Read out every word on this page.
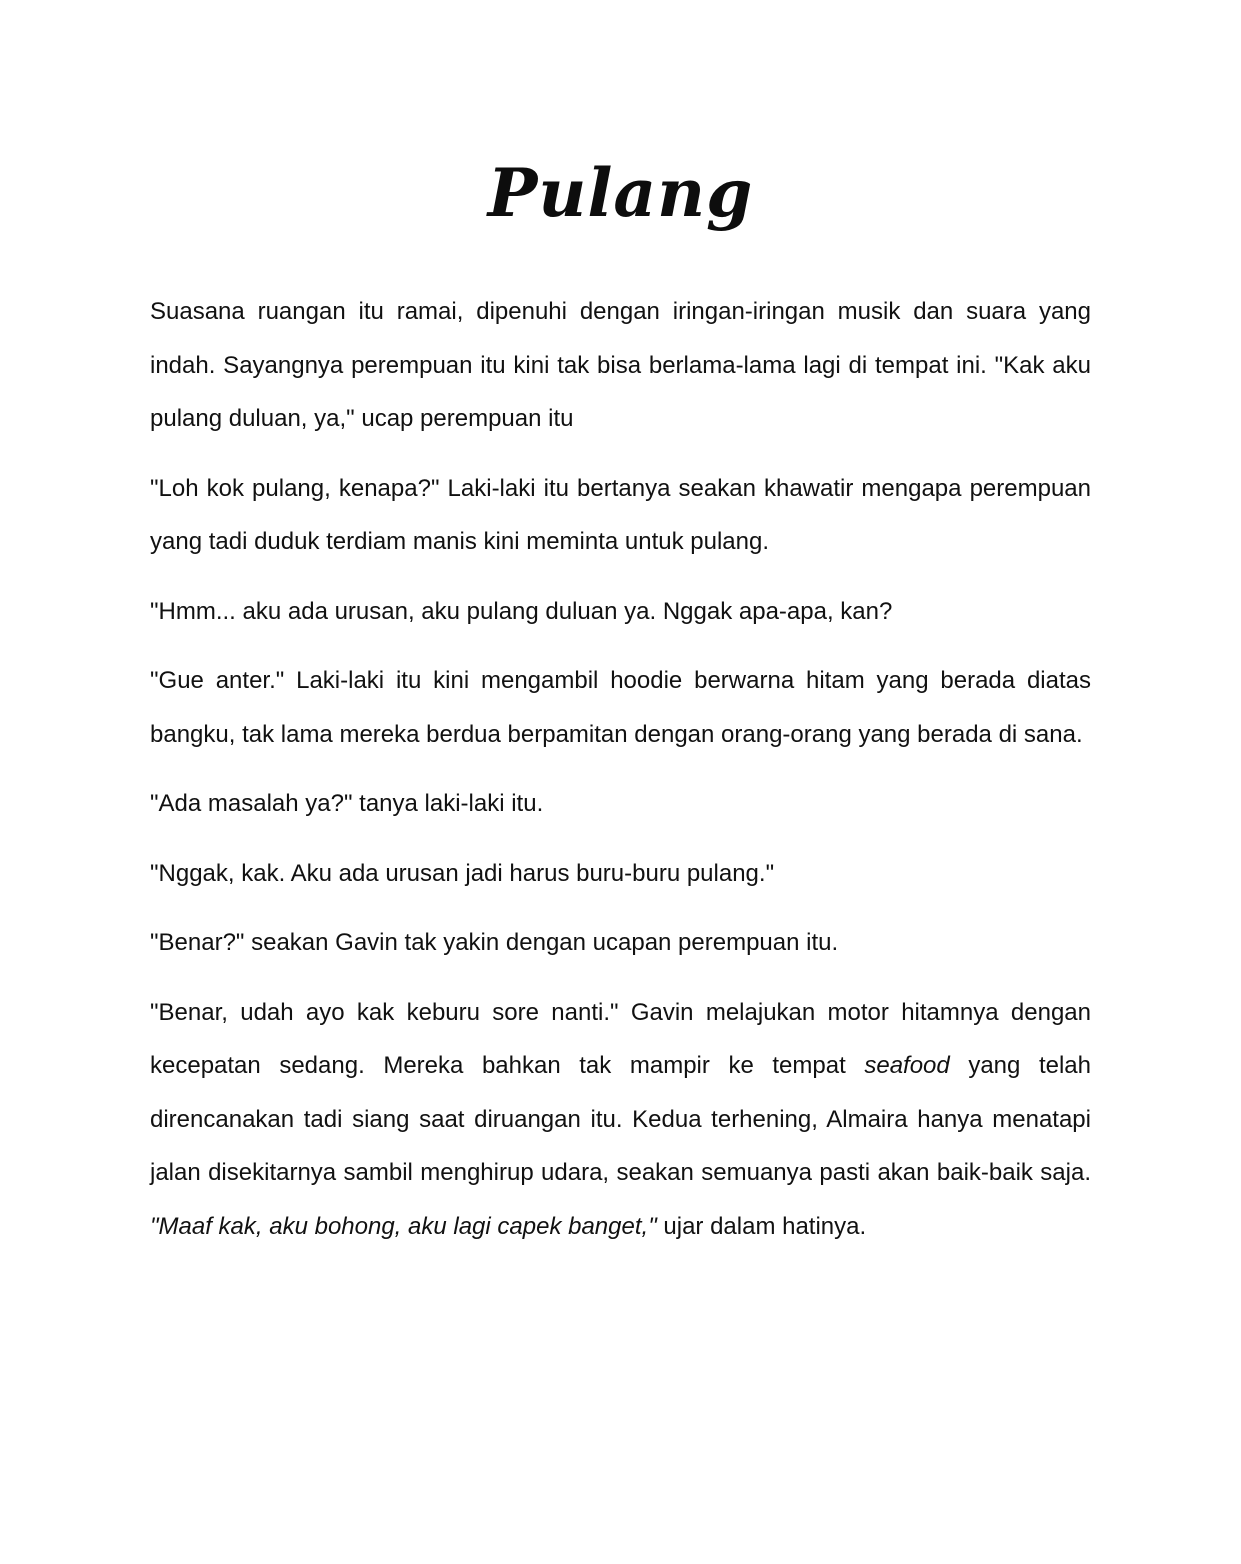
Pulang

Suasana ruangan itu ramai, dipenuhi dengan iringan-iringan musik dan suara yang indah. Sayangnya perempuan itu kini tak bisa berlama-lama lagi di tempat ini. "Kak aku pulang duluan, ya," ucap perempuan itu

"Loh kok pulang, kenapa?" Laki-laki itu bertanya seakan khawatir mengapa perempuan yang tadi duduk terdiam manis kini meminta untuk pulang.

"Hmm... aku ada urusan, aku pulang duluan ya. Nggak apa-apa, kan?

"Gue anter." Laki-laki itu kini mengambil hoodie berwarna hitam yang berada diatas bangku, tak lama mereka berdua berpamitan dengan orang-orang yang berada di sana.

"Ada masalah ya?" tanya laki-laki itu.

"Nggak, kak. Aku ada urusan jadi harus buru-buru pulang."

"Benar?" seakan Gavin tak yakin dengan ucapan perempuan itu.

"Benar, udah ayo kak keburu sore nanti." Gavin melajukan motor hitamnya dengan kecepatan sedang. Mereka bahkan tak mampir ke tempat seafood yang telah direncanakan tadi siang saat diruangan itu. Kedua terhening, Almaira hanya menatapi jalan disekitarnya sambil menghirup udara, seakan semuanya pasti akan baik-baik saja. "Maaf kak, aku bohong, aku lagi capek banget," ujar dalam hatinya.
